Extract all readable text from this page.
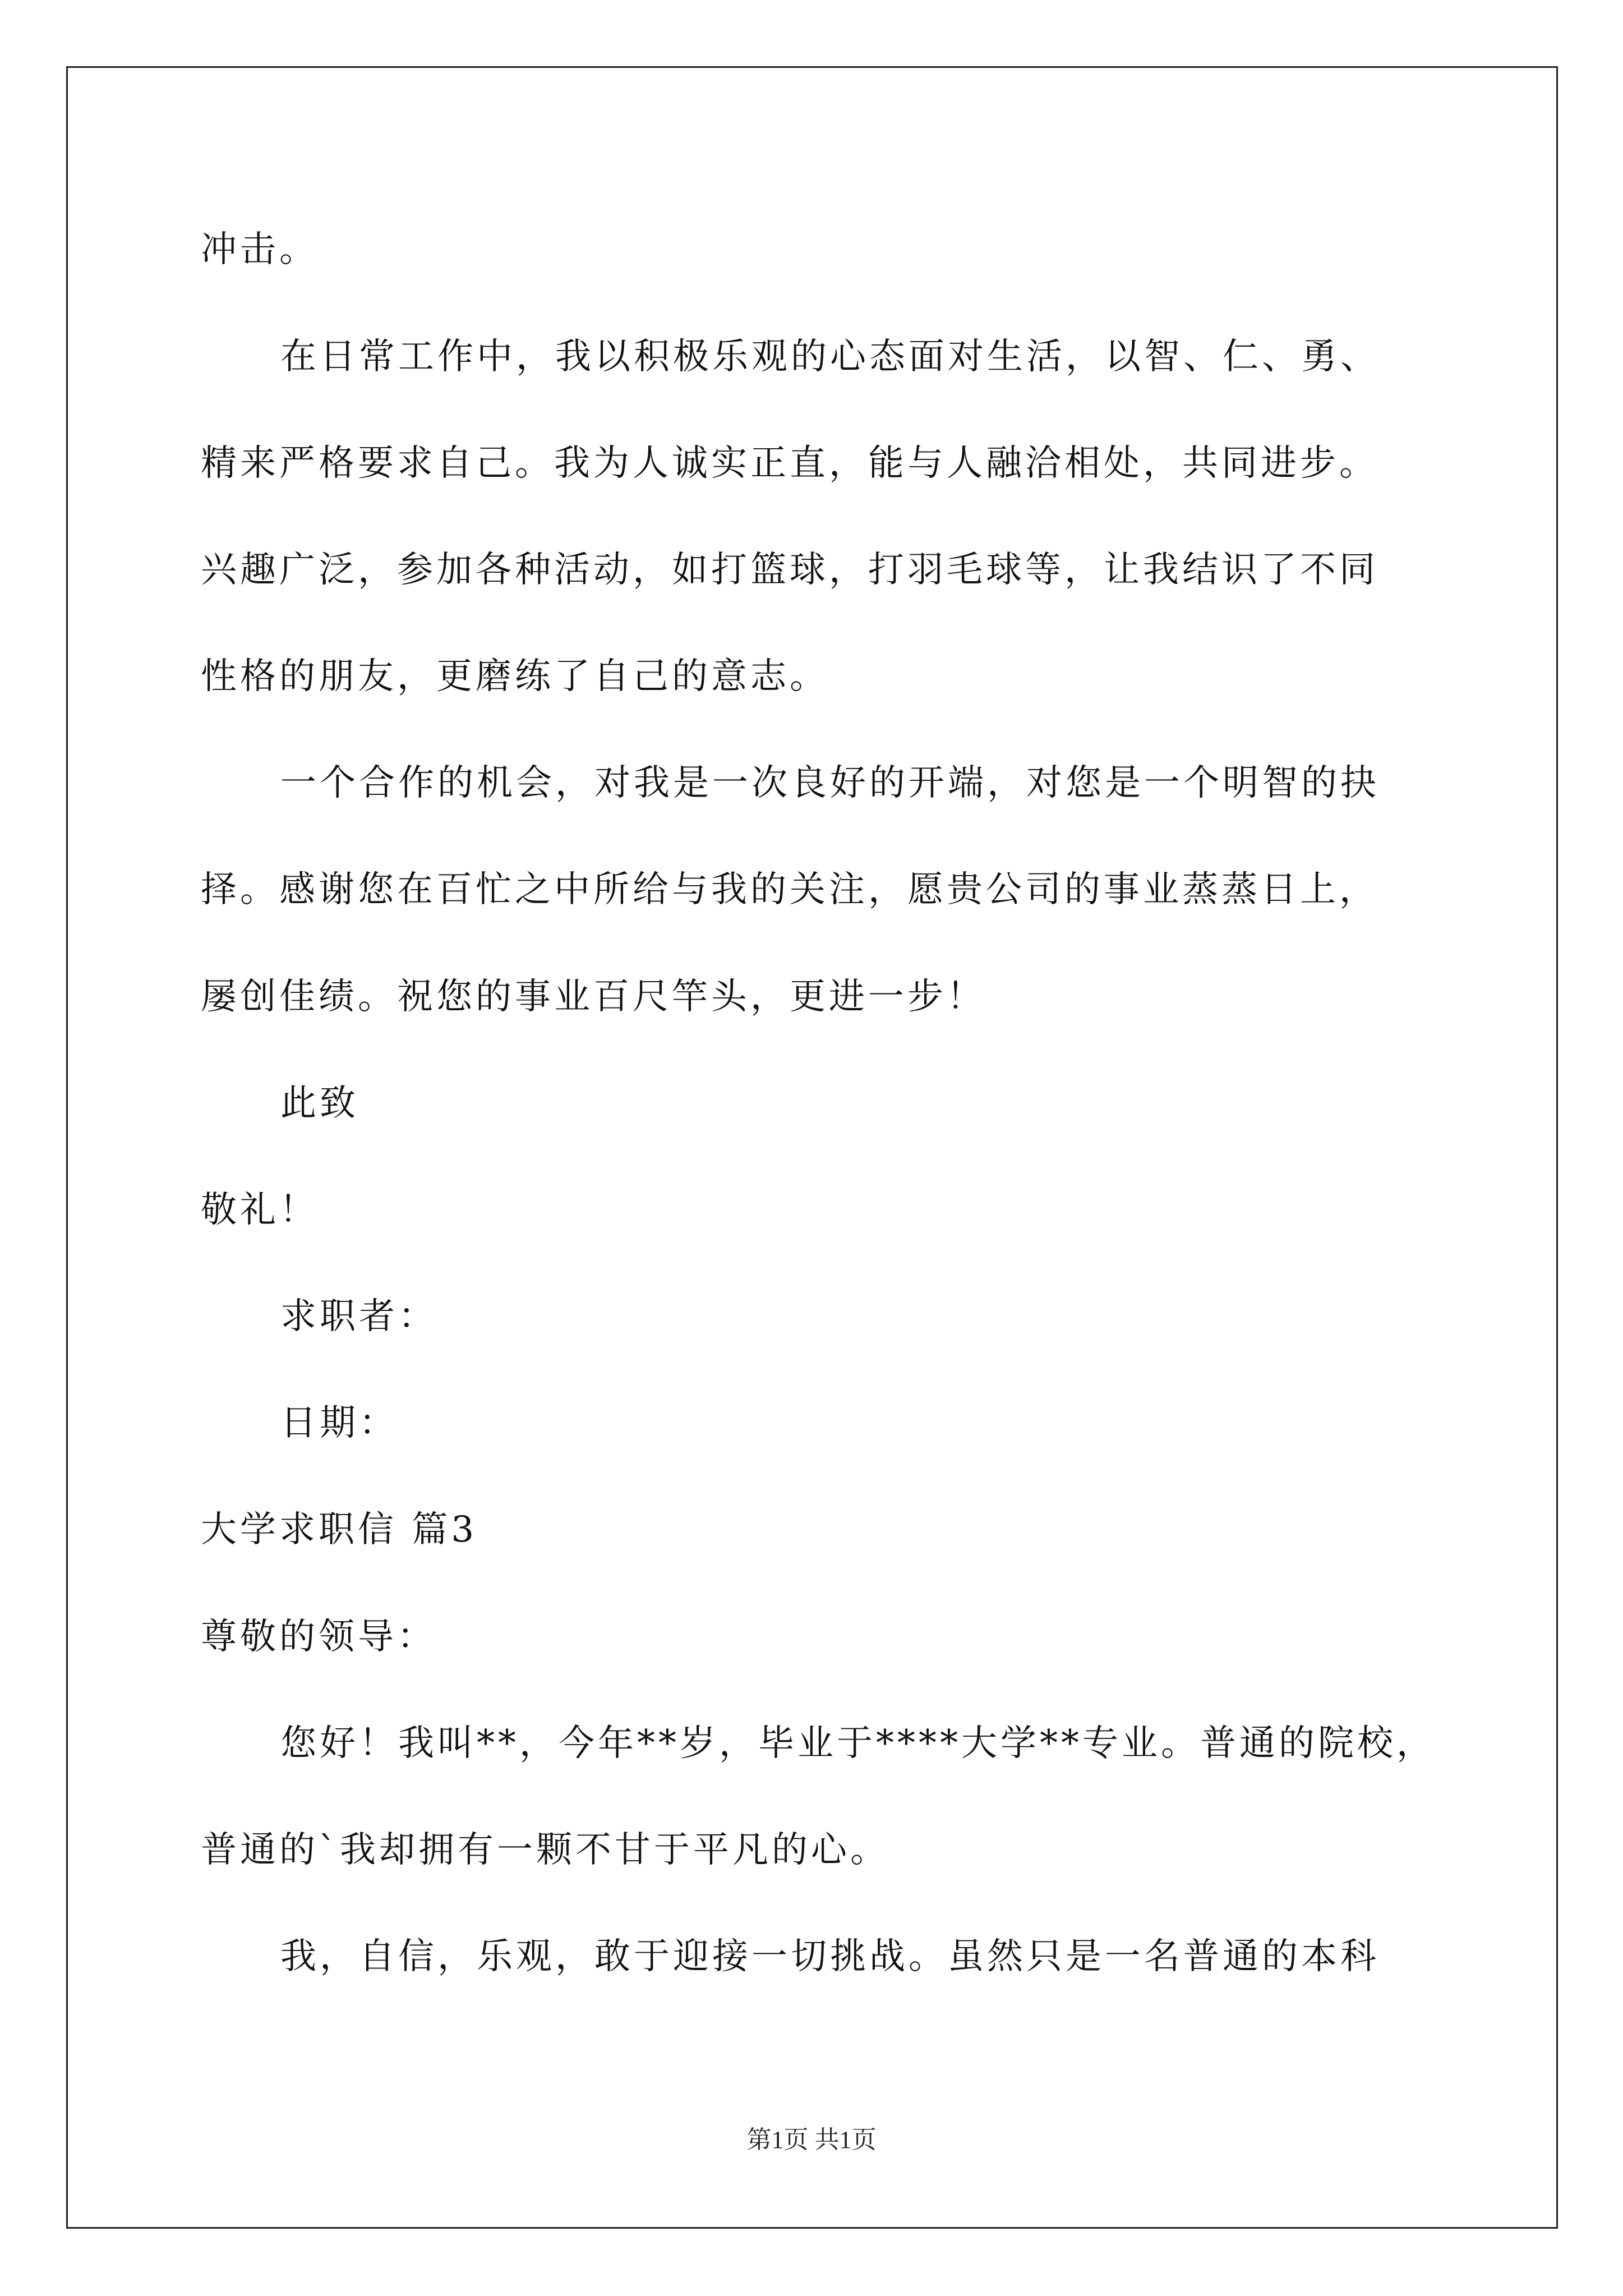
冲击。
在日常工作中，我以积极乐观的心态面对生活，以智、仁、勇、
精来严格要求自己。我为人诚实正直，能与人融洽相处，共同进步。
兴趣广泛，参加各种活动，如打篮球，打羽毛球等，让我结识了不同
性格的朋友，更磨练了自己的意志。
一个合作的机会，对我是一次良好的开端，对您是一个明智的抉
择。感谢您在百忙之中所给与我的关注，愿贵公司的事业蒸蒸日上，
屡创佳绩。祝您的事业百尺竿头，更进一步！
此致
敬礼！
求职者：
日期：
大学求职信 篇3
尊敬的领导：
您好！我叫**，今年**岁，毕业于****大学**专业。普通的院校，
普通的`我却拥有一颗不甘于平凡的心。
我，自信，乐观，敢于迎接一切挑战。虽然只是一名普通的本科
第1页 共1页
